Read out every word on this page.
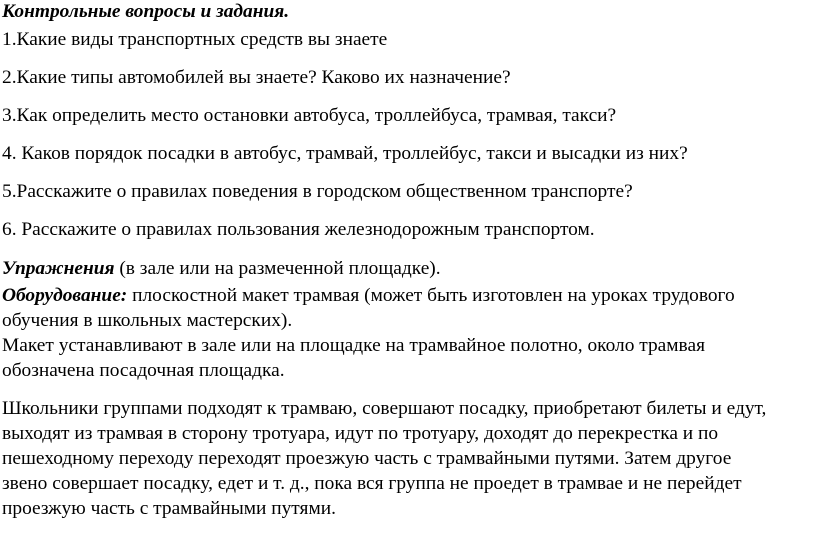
Контрольные вопросы и задания.
1.Какие виды транспортных средств вы знаете
2.Какие типы автомобилей вы знаете? Каково их назначение?
3.Как определить место остановки автобуса, троллейбуса, трамвая, такси?
4. Каков порядок посадки в автобус, трамвай, троллейбус, такси и высадки из них?
5.Расскажите о правилах поведения в городском общественном транспорте?
6. Расскажите о правилах пользования железнодорожным транспортом.
Упражнения (в зале или на размеченной площадке).
Оборудование: плоскостной макет трамвая (может быть изготовлен на уроках трудового
обучения в школьных мастерских).
Макет устанавливают в зале или на площадке на трамвайное полотно, около трамвая
обозначена посадочная площадка.
Школьники группами подходят к трамваю, совершают посадку, приобретают билеты и едут,
выходят из трамвая в сторону тротуара, идут по тротуару, доходят до перекрестка и по
пешеходному переходу переходят проезжую часть с трамвайными путями. Затем другое
звено совершает посадку, едет и т. д., пока вся группа не проедет в трамвае и не перейдет
проезжую часть с трамвайными путями.
